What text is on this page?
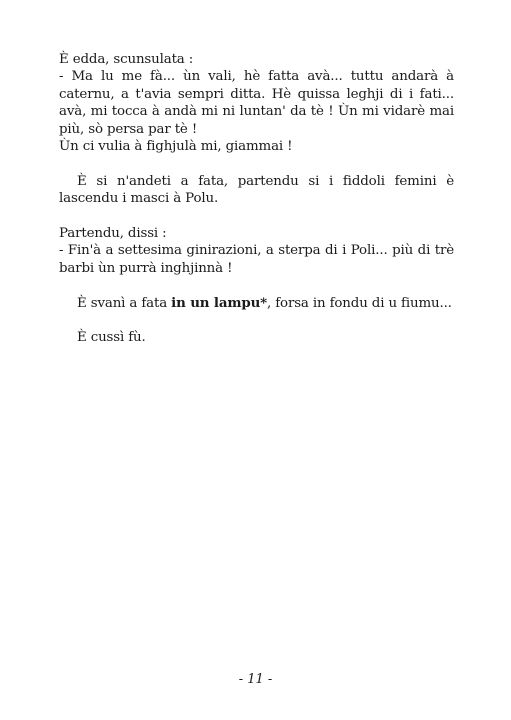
È edda, scunsulata :

- Ma lu me fà... ùn vali, hè fatta avà... tuttu andarà à caternu, a t'avia sempri ditta. Hè quissa leghji di i fati... avà, mi tocca à andà mi ni luntan' da tè ! Ùn mi vidarè mai più, sò persa par tè !

Ùn ci vulia à fighjulà mi, giammai !

È si n'andeti a fata, partendu si i fiddoli femini è lascendu i masci à Polu.

Partendu, dissi :

- Fin'à a settesima ginirazioni, a sterpa di i Poli... più di trè barbi ùn purrà inghjinnà !

È svanì a fata in un lampu*, forsa in fondu di u fiumu...

È cussì fù.

- 11 -
